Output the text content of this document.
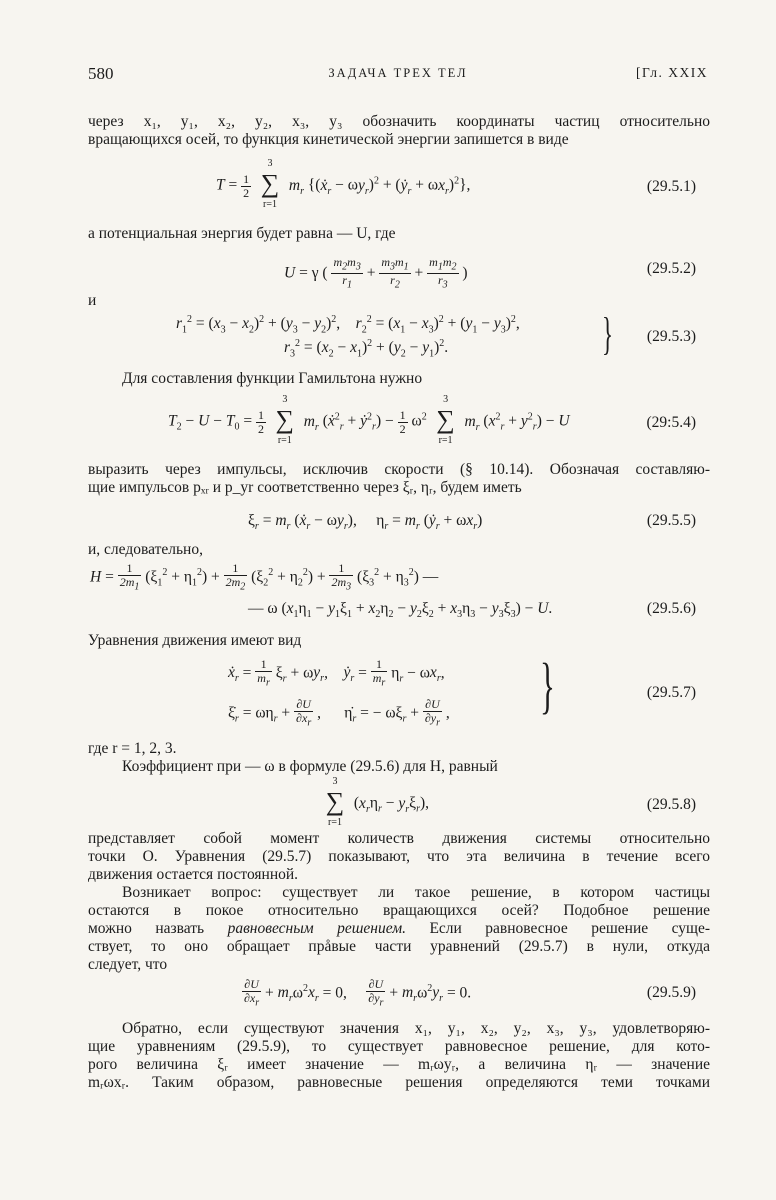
580	ЗАДАЧА ТРЕХ ТЕЛ	[Гл. XXIX
через x₁, y₁, x₂, y₂, x₃, y₃ обозначить координаты частиц относительно
вращающихся осей, то функция кинетической энергии запишется в виде
$T = \frac{1}{2}$

3
∑
r=1
$m_r$ {(ẋ$_r$ − $\omega y_r)^2$ + (ẏ$_r$ + $\omega x_r)^2$},	(29.5.1)
а потенциальная энергия будет равна — U, где
U = γ ( $\frac{m_2m_3}{r_1} + \frac{m_3m_1}{r_2} + \frac{m_1m_2}{r_3}$ )	(29.5.2)
и
$r_1^2 = (x_3 - x_2)^2 + (y_3 - y_2)^2$,    $r_2^2 = (x_1 - x_3)^2 + (y_1 - y_3)^2$,
$r_3^2 = (x_2 - x_1)^2 + (y_2 - y_1)^2$.	} (29.5.3)
Для составления функции Гамильтона нужно
$T_2 - U - T_0 = \frac{1}{2}$

3
∑
r=1
$m_r$ (ẋ$^2_r$ + ẏ$^2_r$) − $\frac{1}{2} \omega^2$
3
∑
r=1
$m_r$ $(x^2_r + y^2_r) - U$	(29:5.4)
выразить через импульсы, исключив скорости (§ 10.14). Обозначая составляю-
щие импульсов pₓᵣ и p_yr соответственно через ξᵣ, ηᵣ, будем иметь
$\xi_r = m_r$ (ẋ$_r$ − $\omega y_r$),     $\eta_r = m_r$ (ẏ$_r$ + $\omega x_r$)	(29.5.5)
и, следовательно,
$H = \frac{1}{2m_1} (\xi_1^2 + \eta_1^2) + \frac{1}{2m_2} (\xi_2^2 + \eta_2^2) + \frac{1}{2m_3} (\xi_3^2 + \eta_3^2)$ —
— ω $(x_1\eta_1 - y_1\xi_1 + x_2\eta_2 - y_2\xi_2 + x_3\eta_3 - y_3\xi_3) - U$.	(29.5.6)
Уравнения движения имеют вид
ẋ$_r$ = $\frac{1}{m_r} \xi_r + \omega y_r$,    ẏ$_r$ = $\frac{1}{m_r} \eta_r - \omega x_r$,
$\xi̇_r = \omega\eta_r + \frac{\partial U}{\partial x_r}$ ,      $\etȧ_r$ = − $\omega\xi_r + \frac{\partial U}{\partial y_r}$ , }	(29.5.7)
где r = 1, 2, 3.
Коэффициент при — ω в формуле (29.5.6) для H, равный
3
∑
r=1
$(x_r\eta_r - y_r\xi_r)$,	(29.5.8)
представляет собой момент количеств движения системы относительно
точки O. Уравнения (29.5.7) показывают, что эта величина в течение всего
движения остается постоянной.
Возникает вопрос: существует ли такое решение, в котором частицы
остаются в покое относительно вращающихся осей? Подобное решение
можно назвать равновесным решением. Если равновесное решение суще-
ствует, то оно обращает прåвые части уравнений (29.5.7) в нули, откуда
следует, что
$\frac{\partial U}{\partial x_r} + m_r\omega^2x_r = 0$, $\frac{\partial U}{\partial y_r} + m_r\omega^2y_r = 0$.	(29.5.9)
Обратно, если существуют значения x₁, y₁, x₂, y₂, x₃, y₃, удовлетворяю-
щие уравнениям (29.5.9), то существует равновесное решение, для кото-
рого величина ξᵣ имеет значение — mᵣωyᵣ, а величина ηᵣ — значение
mᵣωxᵣ. Таким образом, равновесные решения определяются теми точками
